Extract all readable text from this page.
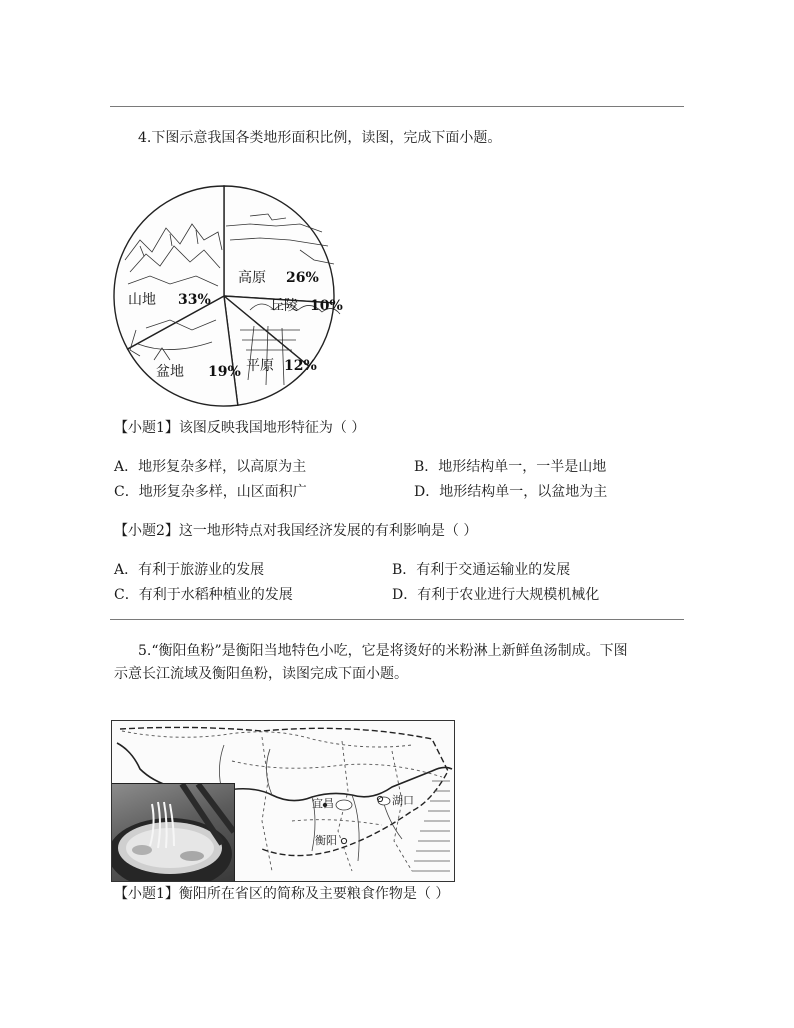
4.下图示意我国各类地形面积比例，读图，完成下面小题。
高原 26%
丘陵 10%
平原 12%
盆地 19%
山地 33%
【小题1】该图反映我国地形特征为（ ）
A．地形复杂多样，以高原为主	B．地形结构单一，一半是山地
C．地形复杂多样，山区面积广	D．地形结构单一，以盆地为主
【小题2】这一地形特点对我国经济发展的有利影响是（ ）
A．有利于旅游业的发展	B．有利于交通运输业的发展
C．有利于水稻种植业的发展	D．有利于农业进行大规模机械化
5.“衡阳鱼粉”是衡阳当地特色小吃，它是将烫好的米粉淋上新鲜鱼汤制成。下图
示意长江流域及衡阳鱼粉，读图完成下面小题。
宜昌	湖口
衡阳
【小题1】衡阳所在省区的简称及主要粮食作物是（ ）
